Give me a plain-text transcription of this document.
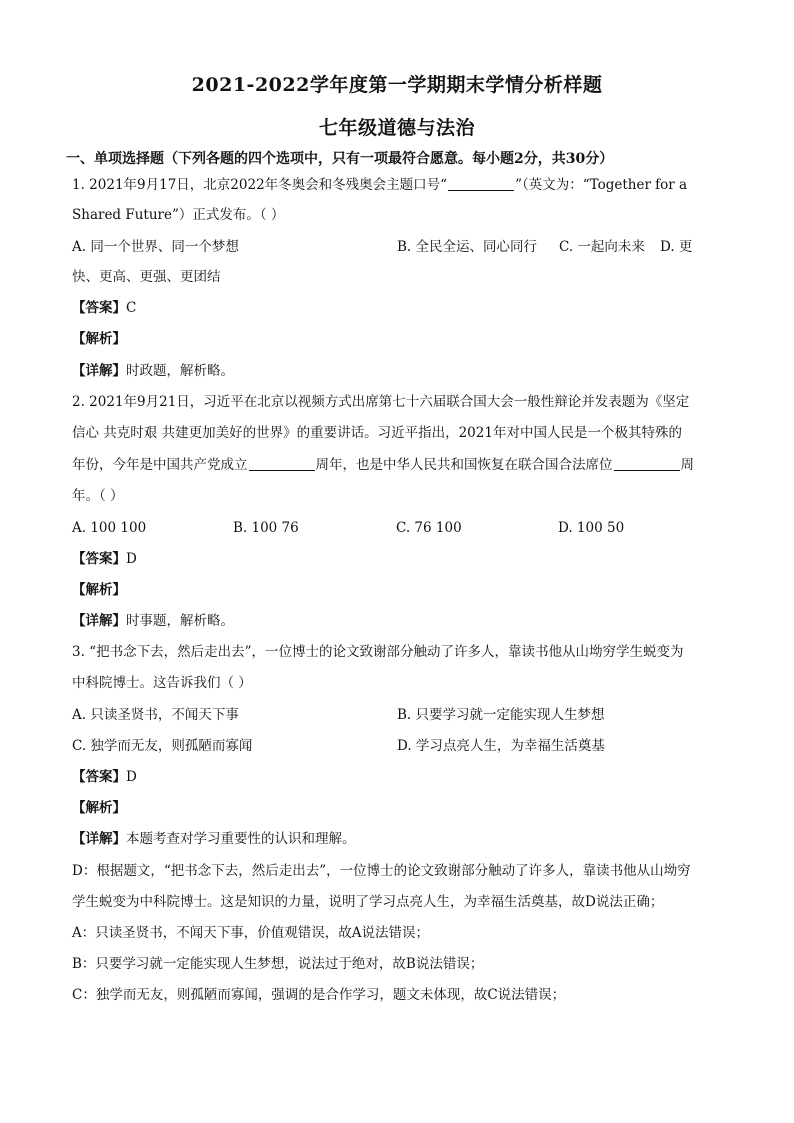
2021-2022学年度第一学期期末学情分析样题
七年级道德与法治
一、单项选择题（下列各题的四个选项中，只有一项最符合愿意。每小题2分，共30分）
1. 2021年9月17日，北京2022年冬奥会和冬残奥会主题口号“	”（英文为：“Together for a
Shared Future”）正式发布。（ ）
A. 同一个世界、同一个梦想	B. 全民全运、同心同行 C. 一起向未来 D. 更
快、更高、更强、更团结
【答案】C
【解析】
【详解】时政题，解析略。
2. 2021年9月21日，习近平在北京以视频方式出席第七十六届联合国大会一般性辩论并发表题为《坚定
信心 共克时艰 共建更加美好的世界》的重要讲话。习近平指出，2021年对中国人民是一个极其特殊的
年份，今年是中国共产党成立	周年，也是中华人民共和国恢复在联合国合法席位	周
年。（ ）
A. 100 100	B. 100 76	C. 76 100	D. 100 50
【答案】D
【解析】
【详解】时事题，解析略。
3. “把书念下去，然后走出去”，一位博士的论文致谢部分触动了许多人，靠读书他从山坳穷学生蜕变为
中科院博士。这告诉我们（ ）
A. 只读圣贤书，不闻天下事	B. 只要学习就一定能实现人生梦想
C. 独学而无友，则孤陋而寡闻	D. 学习点亮人生，为幸福生活奠基
【答案】D
【解析】
【详解】本题考查对学习重要性的认识和理解。
D：根据题文，“把书念下去，然后走出去”，一位博士的论文致谢部分触动了许多人，靠读书他从山坳穷
学生蜕变为中科院博士。这是知识的力量，说明了学习点亮人生，为幸福生活奠基，故D说法正确；
A：只读圣贤书，不闻天下事，价值观错误，故A说法错误；
B：只要学习就一定能实现人生梦想，说法过于绝对，故B说法错误；
C：独学而无友，则孤陋而寡闻，强调的是合作学习，题文未体现，故C说法错误；
